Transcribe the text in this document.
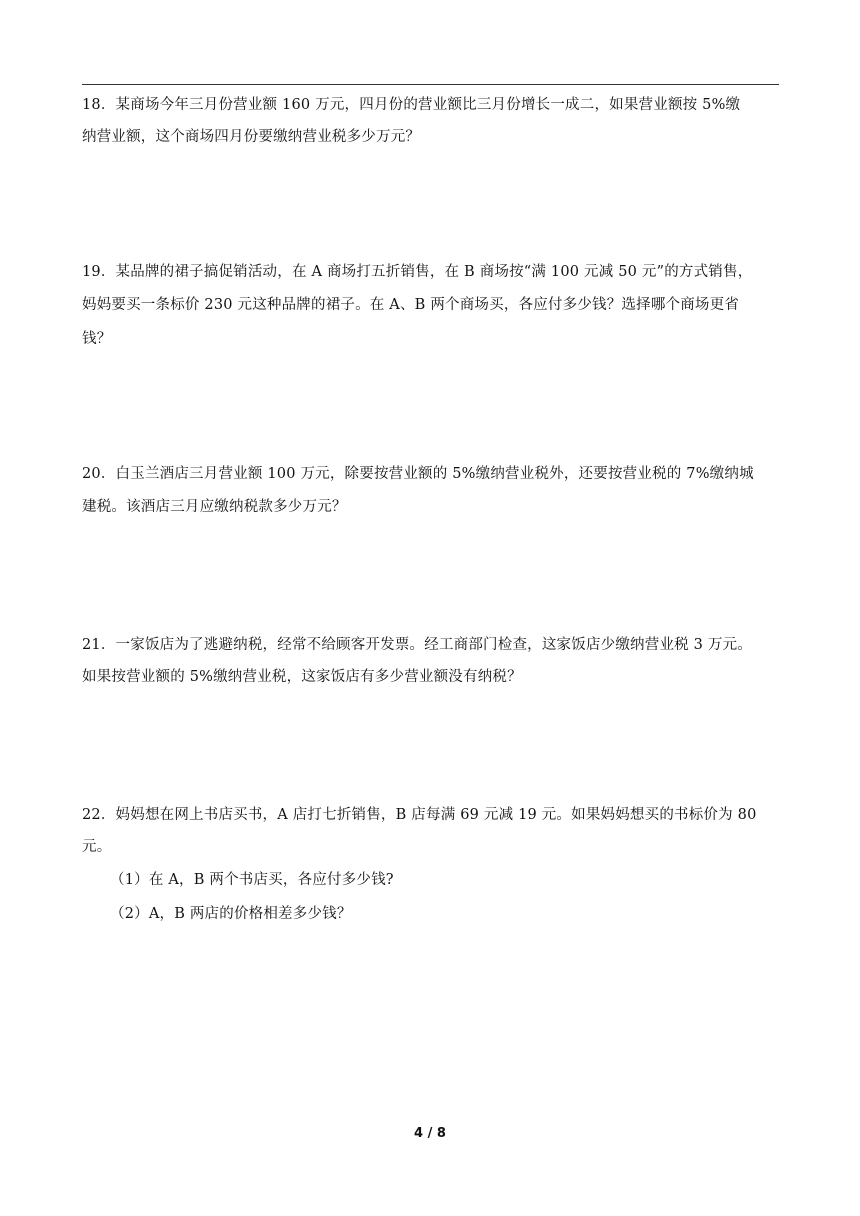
18．某商场今年三月份营业额 160 万元，四月份的营业额比三月份增长一成二，如果营业额按 5%缴
纳营业额，这个商场四月份要缴纳营业税多少万元？
19．某品牌的裙子搞促销活动，在 A 商场打五折销售，在 B 商场按“满 100 元减 50 元”的方式销售，
妈妈要买一条标价 230 元这种品牌的裙子。在 A、B 两个商场买，各应付多少钱？选择哪个商场更省
钱？
20．白玉兰酒店三月营业额 100 万元，除要按营业额的 5%缴纳营业税外，还要按营业税的 7%缴纳城
建税。该酒店三月应缴纳税款多少万元？
21．一家饭店为了逃避纳税，经常不给顾客开发票。经工商部门检查，这家饭店少缴纳营业税 3 万元。
如果按营业额的 5%缴纳营业税，这家饭店有多少营业额没有纳税？
22．妈妈想在网上书店买书，A 店打七折销售，B 店每满 69 元减 19 元。如果妈妈想买的书标价为 80
元。
（1）在 A，B 两个书店买，各应付多少钱?
（2）A，B 两店的价格相差多少钱？
4 / 8
